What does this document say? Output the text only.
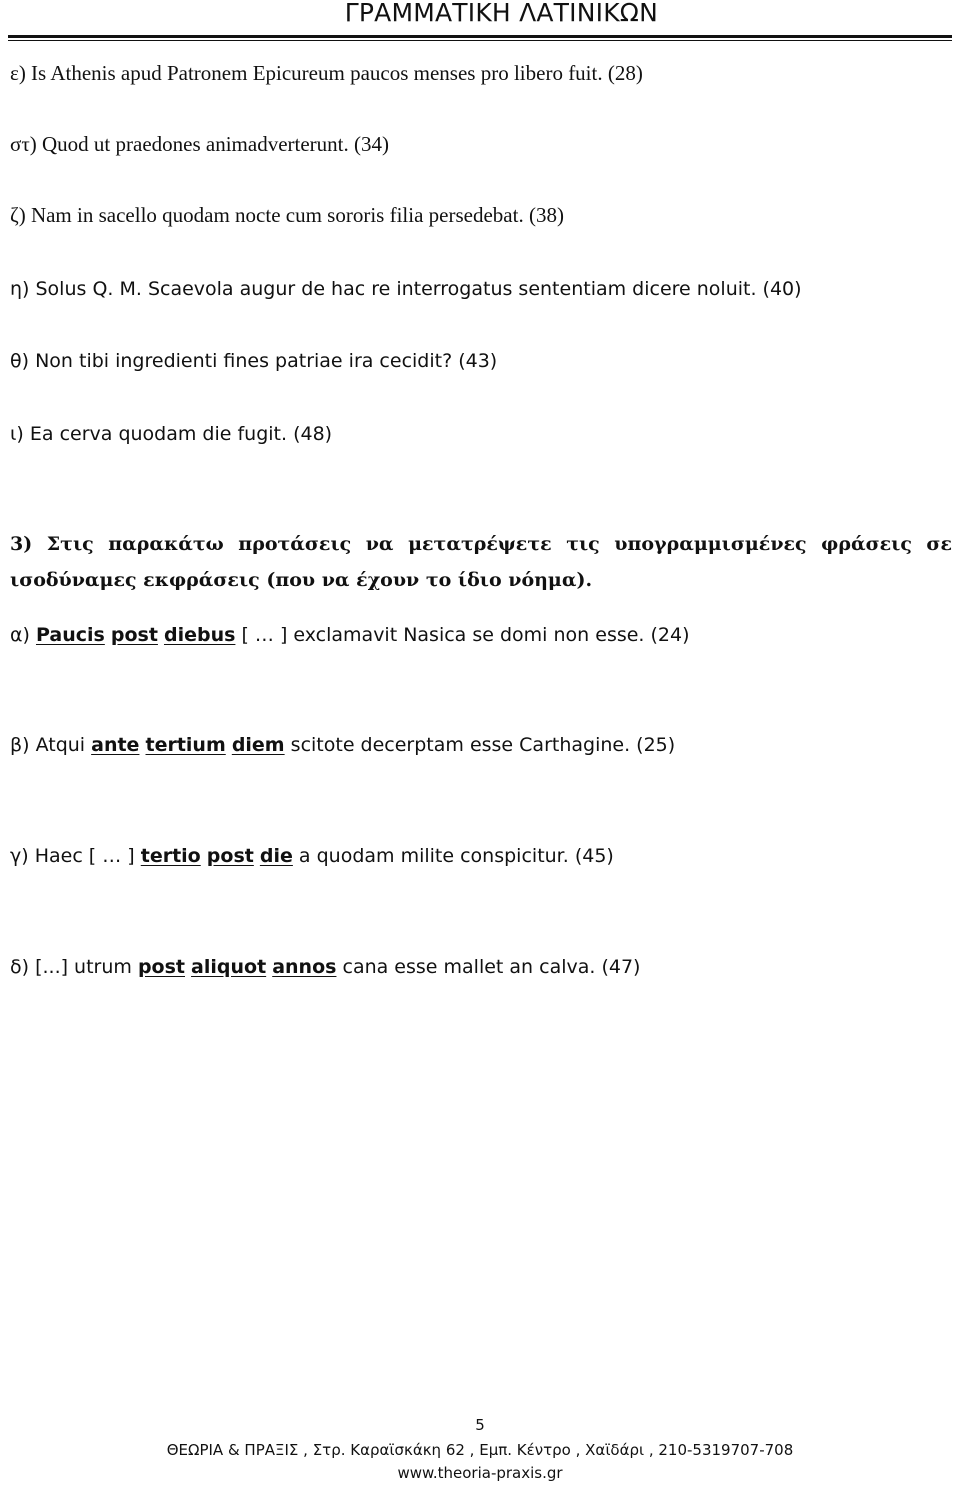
ΓΡΑΜΜΑΤΙΚΗ ΛΑΤΙΝΙΚΩΝ
ε) Is Athenis apud Patronem Epicureum paucos menses pro libero fuit. (28)
στ) Quod ut praedones animadverterunt. (34)
ζ) Nam in sacello quodam nocte cum sororis filia persedebat. (38)
η) Solus Q. M. Scaevola augur de hac re interrogatus sententiam dicere noluit. (40)
θ) Non tibi ingredienti fines patriae ira cecidit? (43)
ι) Ea cerva quodam die fugit. (48)
3) Στις παρακάτω προτάσεις να μετατρέψετε τις υπογραμμισμένες φράσεις σε ισοδύναμες εκφράσεις (που να έχουν το ίδιο νόημα).
α) Paucis post diebus [ … ] exclamavit Nasica se domi non esse. (24)
β) Atqui ante tertium diem scitote decerptam esse Carthagine. (25)
γ) Haec [ … ] tertio post die a quodam milite conspicitur. (45)
δ) [...] utrum post aliquot annos cana esse mallet an calva. (47)
5
ΘΕΩΡΙΑ & ΠΡΑΞΙΣ , Στρ. Καραϊσκάκη 62 , Εμπ. Κέντρο , Χαϊδάρι , 210-5319707-708
www.theoria-praxis.gr
